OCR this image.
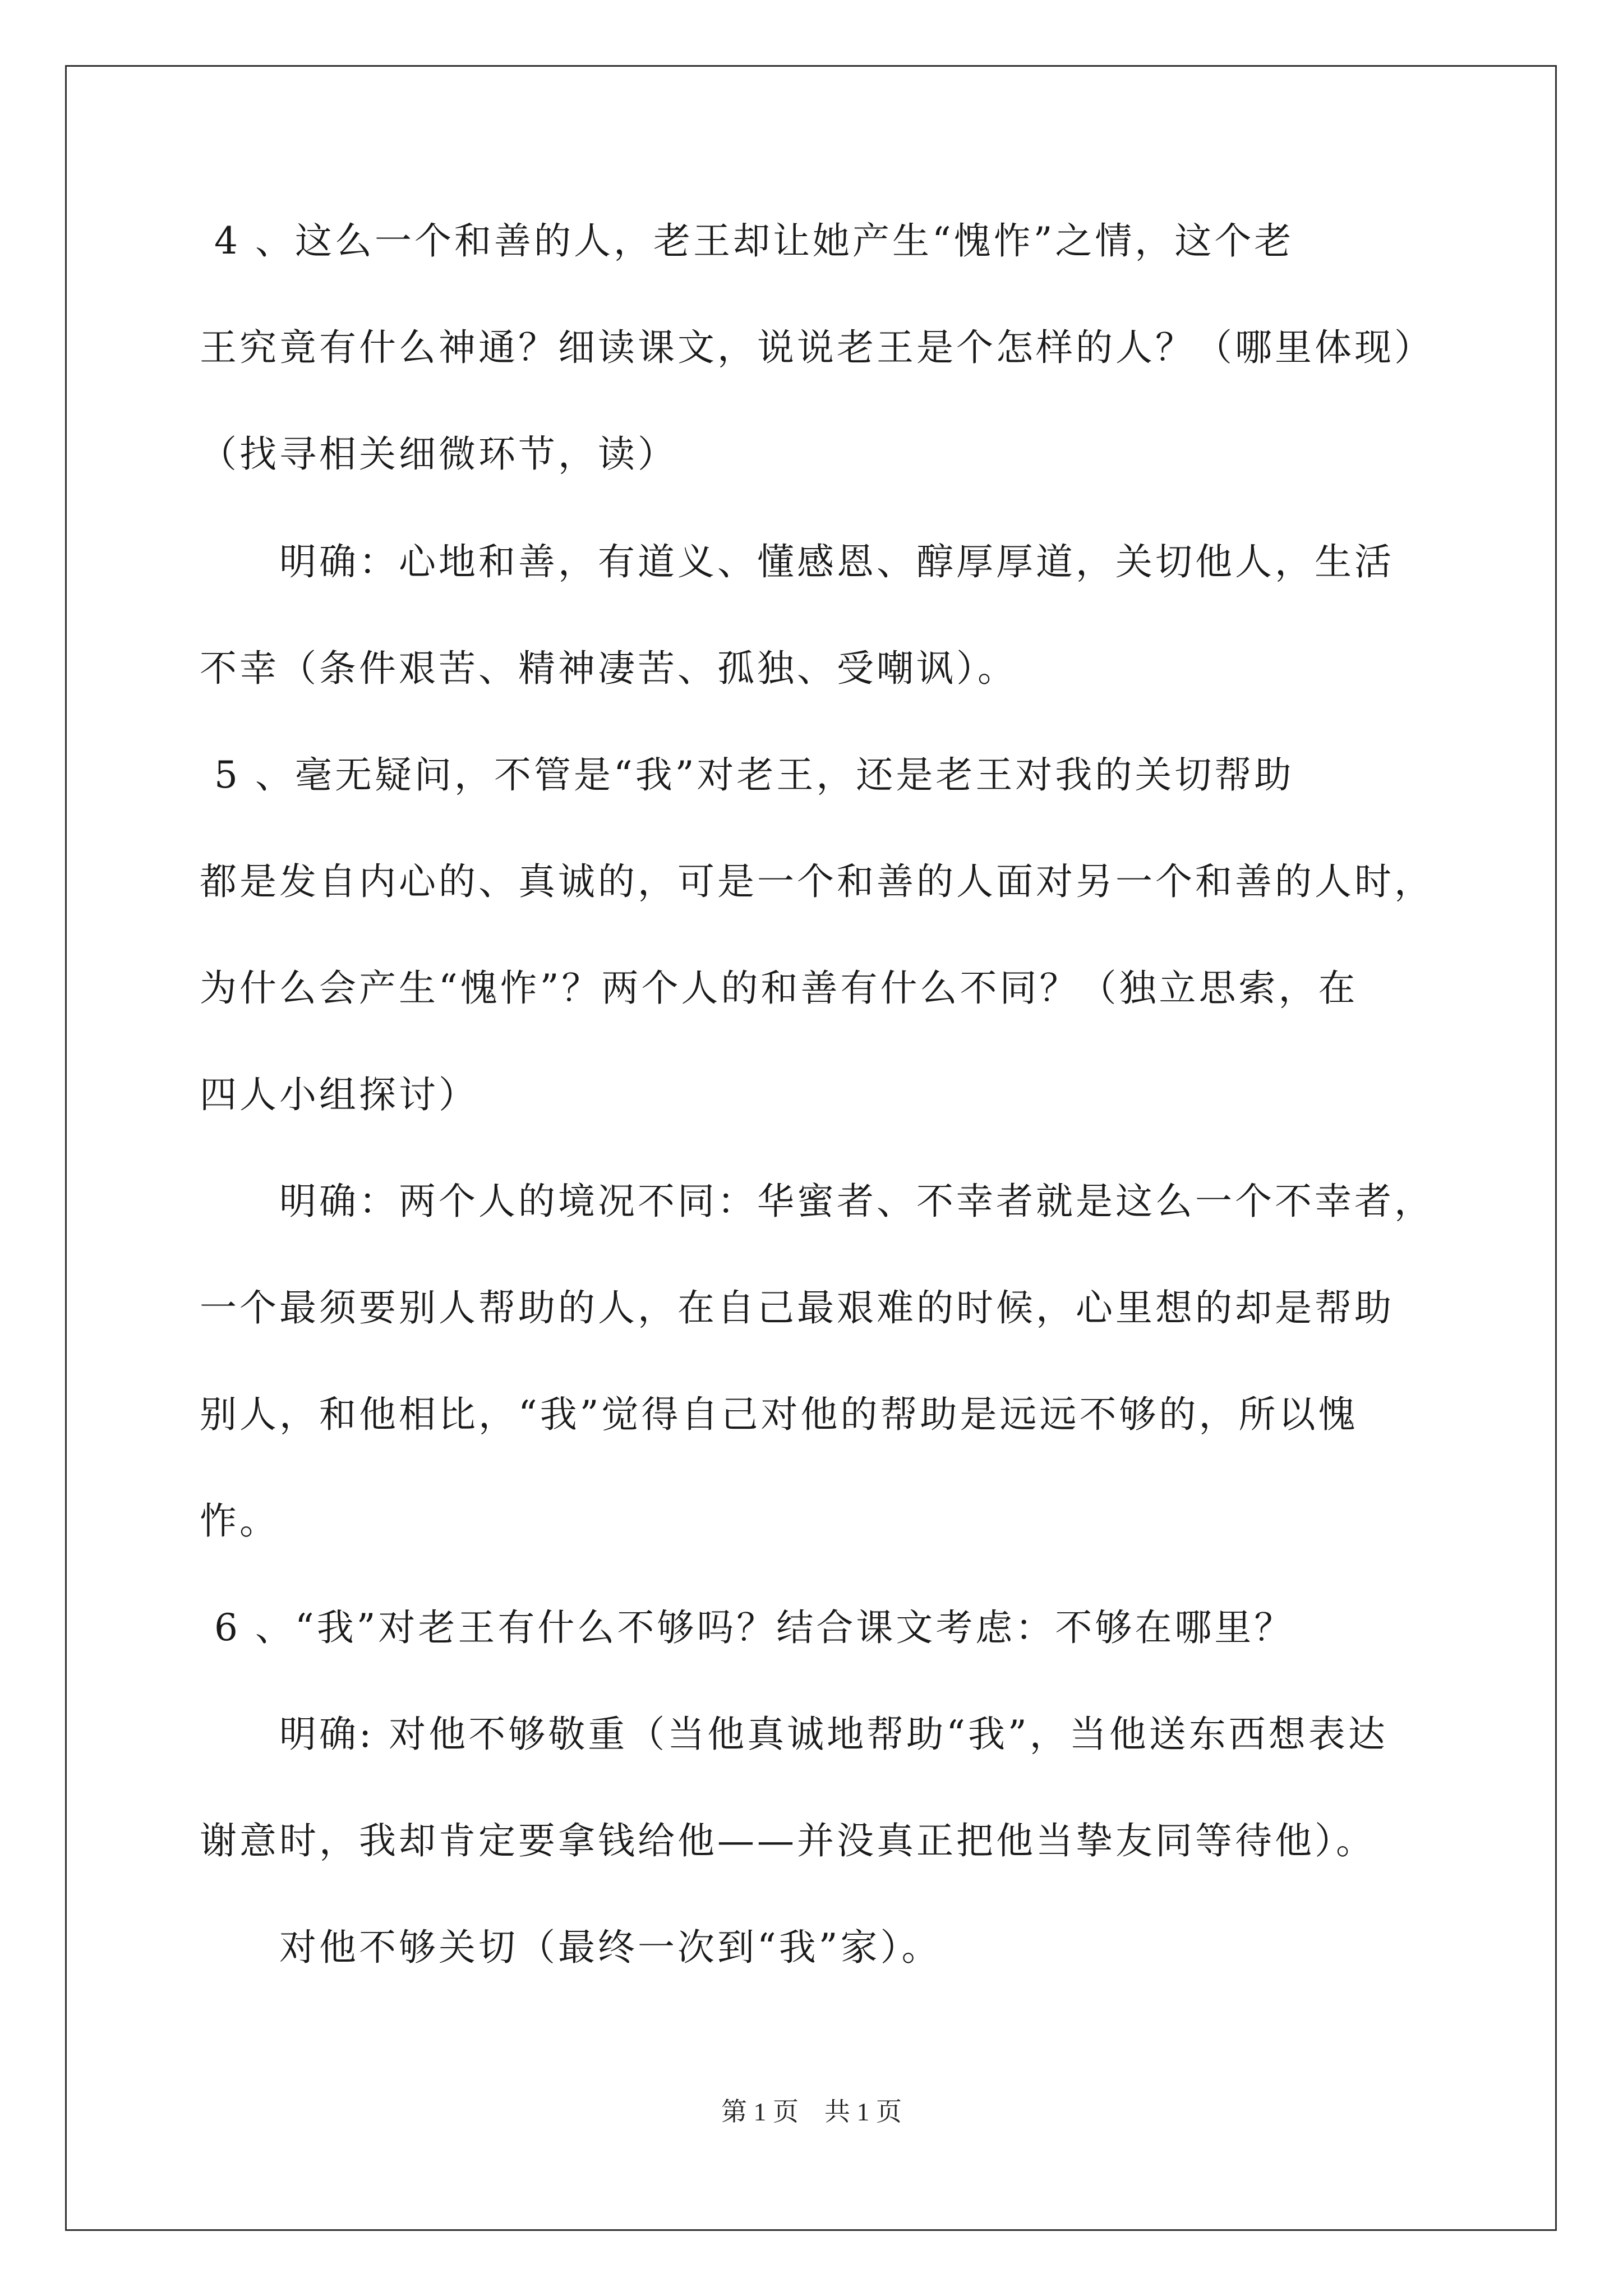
4 、这么一个和善的人，老王却让她产生“愧怍”之情，这个老
王究竟有什么神通？细读课文，说说老王是个怎样的人？（哪里体现）
（找寻相关细微环节，读）
　　明确：心地和善，有道义、懂感恩、醇厚厚道，关切他人，生活
不幸（条件艰苦、精神凄苦、孤独、受嘲讽）。
5 、毫无疑问，不管是“我”对老王，还是老王对我的关切帮助
都是发自内心的、真诚的，可是一个和善的人面对另一个和善的人时，
为什么会产生“愧怍”？两个人的和善有什么不同？（独立思索，在
四人小组探讨）
　　明确：两个人的境况不同：华蜜者、不幸者就是这么一个不幸者，
一个最须要别人帮助的人，在自己最艰难的时候，心里想的却是帮助
别人，和他相比，“我”觉得自己对他的帮助是远远不够的，所以愧
怍。
6 、“我”对老王有什么不够吗？结合课文考虑：不够在哪里？
　　明确: 对他不够敬重（当他真诚地帮助“我”，当他送东西想表达
谢意时，我却肯定要拿钱给他——并没真正把他当挚友同等待他）。
　　对他不够关切（最终一次到“我”家）。
第 1 页　共 1 页
